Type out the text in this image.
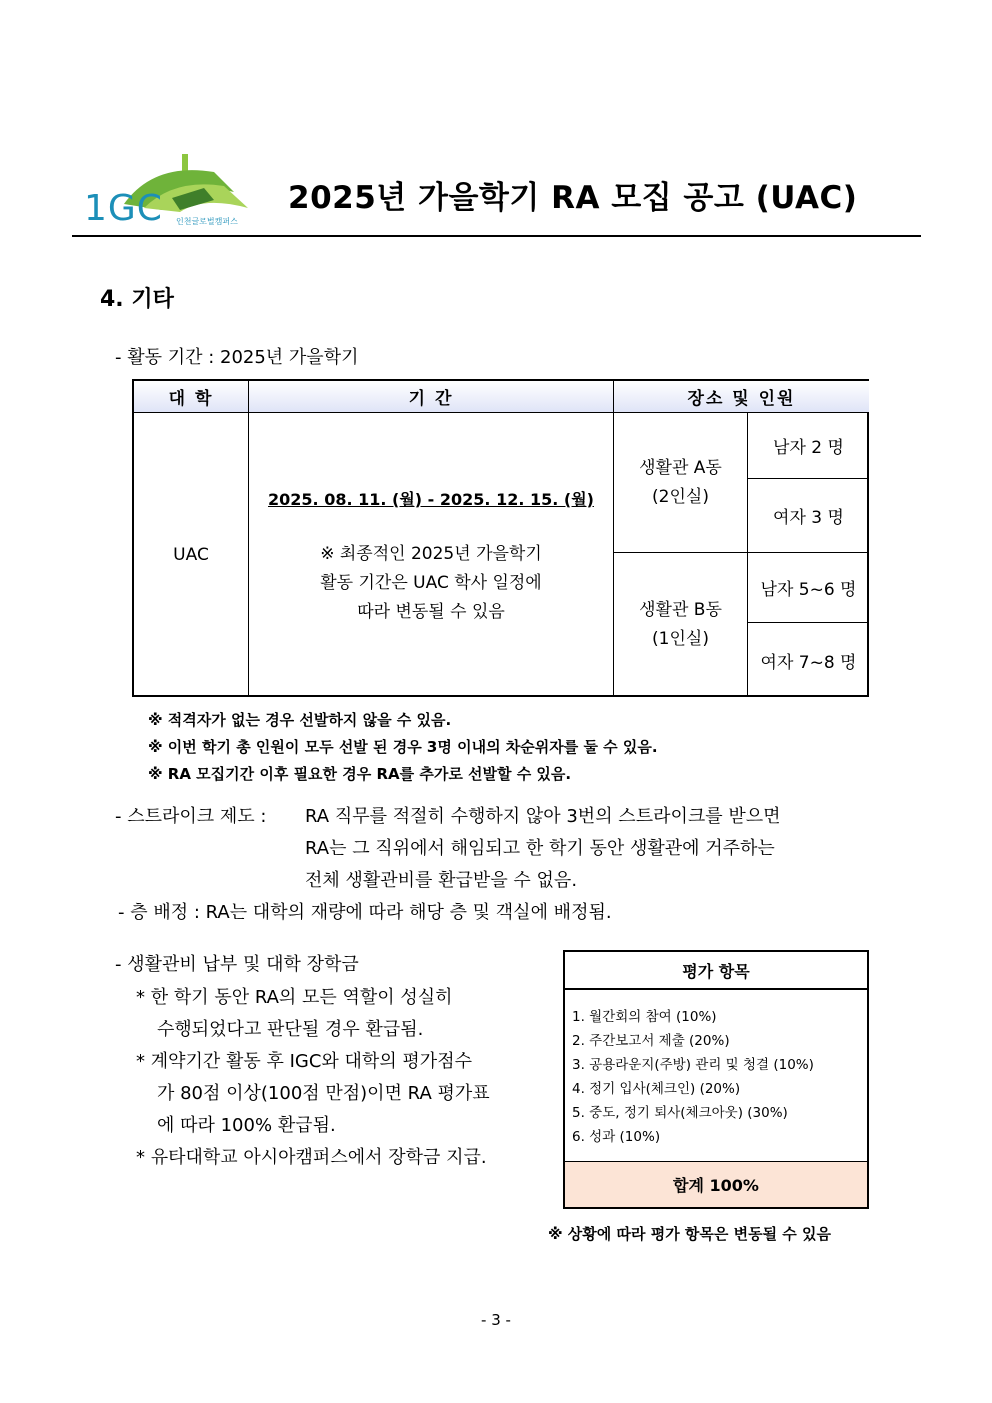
1GC 인천글로벌캠퍼스
2025년 가을학기 RA 모집 공고 (UAC)
4. 기타
- 활동 기간 : 2025년 가을학기
대 학	기 간	장소 및 인원
UAC
2025. 08. 11. (월) - 2025. 12. 15. (월)
※ 최종적인 2025년 가을학기
활동 기간은 UAC 학사 일정에
따라 변동될 수 있음
생활관 A동
(2인실)
남자 2 명
여자 3 명
생활관 B동
(1인실)
남자 5~6 명
여자 7~8 명
※ 적격자가 없는 경우 선발하지 않을 수 있음.
※ 이번 학기 총 인원이 모두 선발 된 경우 3명 이내의 차순위자를 둘 수 있음.
※ RA 모집기간 이후 필요한 경우 RA를 추가로 선발할 수 있음.
- 스트라이크 제도 : RA 직무를 적절히 수행하지 않아 3번의 스트라이크를 받으면
RA는 그 직위에서 해임되고 한 학기 동안 생활관에 거주하는
전체 생활관비를 환급받을 수 없음.
- 층 배정 : RA는 대학의 재량에 따라 해당 층 및 객실에 배정됨.
- 생활관비 납부 및 대학 장학금
* 한 학기 동안 RA의 모든 역할이 성실히
수행되었다고 판단될 경우 환급됨.
* 계약기간 활동 후 IGC와 대학의 평가점수
가 80점 이상(100점 만점)이면 RA 평가표
에 따라 100% 환급됨.
* 유타대학교 아시아캠퍼스에서 장학금 지급.
평가 항목
1. 월간회의 참여 (10%)
2. 주간보고서 제출 (20%)
3. 공용라운지(주방) 관리 및 청결 (10%)
4. 정기 입사(체크인) (20%)
5. 중도, 정기 퇴사(체크아웃) (30%)
6. 성과 (10%)
합계 100%
※ 상황에 따라 평가 항목은 변동될 수 있음
- 3 -
